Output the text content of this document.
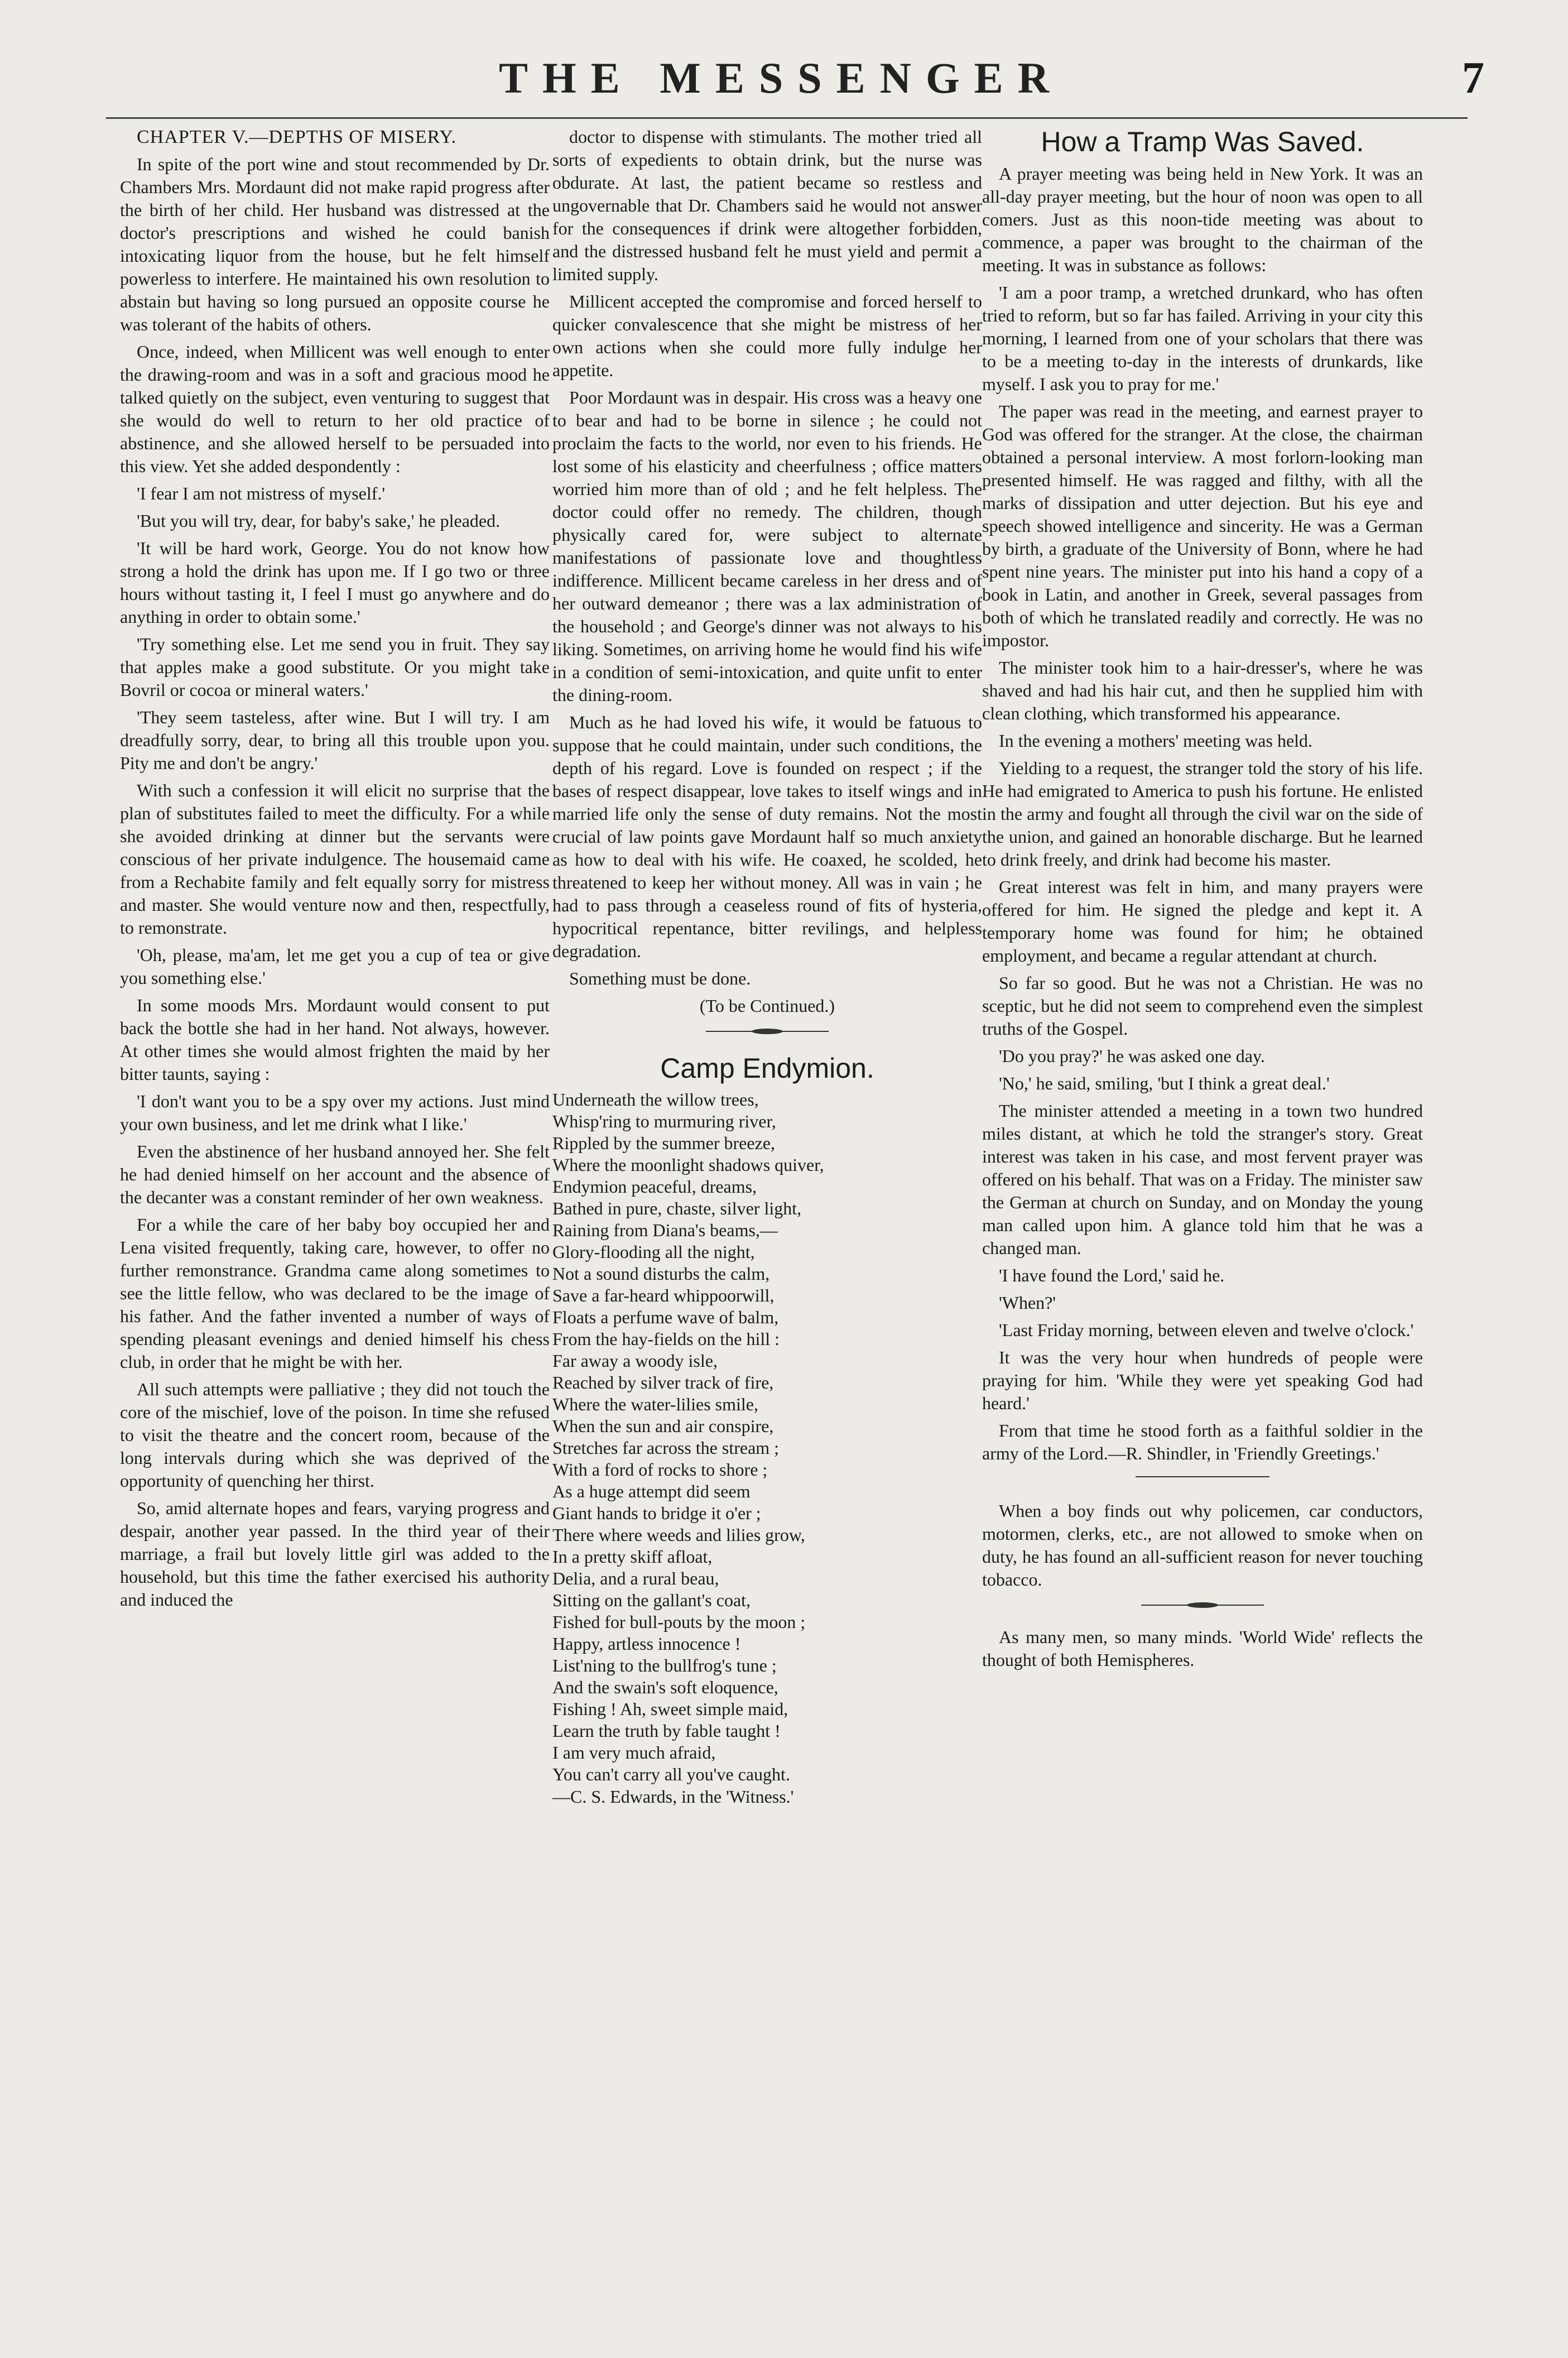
THE MESSENGER	7

CHAPTER V.—DEPTHS OF MISERY.

In spite of the port wine and stout recommended by Dr. Chambers Mrs. Mordaunt did not make rapid progress after the birth of her child. Her husband was distressed at the doctor's prescriptions and wished he could banish intoxicating liquor from the house, but he felt himself powerless to interfere. He maintained his own resolution to abstain but having so long pursued an opposite course he was tolerant of the habits of others.

Once, indeed, when Millicent was well enough to enter the drawing-room and was in a soft and gracious mood he talked quietly on the subject, even venturing to suggest that she would do well to return to her old practice of abstinence, and she allowed herself to be persuaded into this view. Yet she added despondently :

'I fear I am not mistress of myself.'

'But you will try, dear, for baby's sake,' he pleaded.

'It will be hard work, George. You do not know how strong a hold the drink has upon me. If I go two or three hours without tasting it, I feel I must go anywhere and do anything in order to obtain some.'

'Try something else. Let me send you in fruit. They say that apples make a good substitute. Or you might take Bovril or cocoa or mineral waters.'

'They seem tasteless, after wine. But I will try. I am dreadfully sorry, dear, to bring all this trouble upon you. Pity me and don't be angry.'

With such a confession it will elicit no surprise that the plan of substitutes failed to meet the difficulty. For a while she avoided drinking at dinner but the servants were conscious of her private indulgence. The housemaid came from a Rechabite family and felt equally sorry for mistress and master. She would venture now and then, respectfully, to remonstrate.

'Oh, please, ma'am, let me get you a cup of tea or give you something else.'

In some moods Mrs. Mordaunt would consent to put back the bottle she had in her hand. Not always, however. At other times she would almost frighten the maid by her bitter taunts, saying :

'I don't want you to be a spy over my actions. Just mind your own business, and let me drink what I like.'

Even the abstinence of her husband annoyed her. She felt he had denied himself on her account and the absence of the decanter was a constant reminder of her own weakness.

For a while the care of her baby boy occupied her and Lena visited frequently, taking care, however, to offer no further remonstrance. Grandma came along sometimes to see the little fellow, who was declared to be the image of his father. And the father invented a number of ways of spending pleasant evenings and denied himself his chess club, in order that he might be with her.

All such attempts were palliative ; they did not touch the core of the mischief, love of the poison. In time she refused to visit the theatre and the concert room, because of the long intervals during which she was deprived of the opportunity of quenching her thirst.

So, amid alternate hopes and fears, varying progress and despair, another year passed. In the third year of their marriage, a frail but lovely little girl was added to the household, but this time the father exercised his authority and induced the

doctor to dispense with stimulants. The mother tried all sorts of expedients to obtain drink, but the nurse was obdurate. At last, the patient became so restless and ungovernable that Dr. Chambers said he would not answer for the consequences if drink were altogether forbidden, and the distressed husband felt he must yield and permit a limited supply.

Millicent accepted the compromise and forced herself to quicker convalescence that she might be mistress of her own actions when she could more fully indulge her appetite.

Poor Mordaunt was in despair. His cross was a heavy one to bear and had to be borne in silence ; he could not proclaim the facts to the world, nor even to his friends. He lost some of his elasticity and cheerfulness ; office matters worried him more than of old ; and he felt helpless. The doctor could offer no remedy. The children, though physically cared for, were subject to alternate manifestations of passionate love and thoughtless indifference. Millicent became careless in her dress and of her outward demeanor ; there was a lax administration of the household ; and George's dinner was not always to his liking. Sometimes, on arriving home he would find his wife in a condition of semi-intoxication, and quite unfit to enter the dining-room.

Much as he had loved his wife, it would be fatuous to suppose that he could maintain, under such conditions, the depth of his regard. Love is founded on respect ; if the bases of respect disappear, love takes to itself wings and in married life only the sense of duty remains. Not the most crucial of law points gave Mordaunt half so much anxiety as how to deal with his wife. He coaxed, he scolded, he threatened to keep her without money. All was in vain ; he had to pass through a ceaseless round of fits of hysteria, hypocritical repentance, bitter revilings, and helpless degradation.

Something must be done.

(To be Continued.)

Camp Endymion.

Underneath the willow trees,

Whisp'ring to murmuring river,

Rippled by the summer breeze,

Where the moonlight shadows quiver,

Endymion peaceful, dreams,

Bathed in pure, chaste, silver light,

Raining from Diana's beams,—

Glory-flooding all the night,

Not a sound disturbs the calm,

Save a far-heard whippoorwill,

Floats a perfume wave of balm,

From the hay-fields on the hill :

Far away a woody isle,

Reached by silver track of fire,

Where the water-lilies smile,

When the sun and air conspire,

Stretches far across the stream ;

With a ford of rocks to shore ;

As a huge attempt did seem

Giant hands to bridge it o'er ;

There where weeds and lilies grow,

In a pretty skiff afloat,

Delia, and a rural beau,

Sitting on the gallant's coat,

Fished for bull-pouts by the moon ;

Happy, artless innocence !

List'ning to the bullfrog's tune ;

And the swain's soft eloquence,

Fishing ! Ah, sweet simple maid,

Learn the truth by fable taught !

I am very much afraid,

You can't carry all you've caught.

—C. S. Edwards, in the 'Witness.'

How a Tramp Was Saved.

A prayer meeting was being held in New York. It was an all-day prayer meeting, but the hour of noon was open to all comers. Just as this noon-tide meeting was about to commence, a paper was brought to the chairman of the meeting. It was in substance as follows:

'I am a poor tramp, a wretched drunkard, who has often tried to reform, but so far has failed. Arriving in your city this morning, I learned from one of your scholars that there was to be a meeting to-day in the interests of drunkards, like myself. I ask you to pray for me.'

The paper was read in the meeting, and earnest prayer to God was offered for the stranger. At the close, the chairman obtained a personal interview. A most forlorn-looking man presented himself. He was ragged and filthy, with all the marks of dissipation and utter dejection. But his eye and speech showed intelligence and sincerity. He was a German by birth, a graduate of the University of Bonn, where he had spent nine years. The minister put into his hand a copy of a book in Latin, and another in Greek, several passages from both of which he translated readily and correctly. He was no impostor.

The minister took him to a hair-dresser's, where he was shaved and had his hair cut, and then he supplied him with clean clothing, which transformed his appearance.

In the evening a mothers' meeting was held.

Yielding to a request, the stranger told the story of his life. He had emigrated to America to push his fortune. He enlisted in the army and fought all through the civil war on the side of the union, and gained an honorable discharge. But he learned to drink freely, and drink had become his master.

Great interest was felt in him, and many prayers were offered for him. He signed the pledge and kept it. A temporary home was found for him; he obtained employment, and became a regular attendant at church.

So far so good. But he was not a Christian. He was no sceptic, but he did not seem to comprehend even the simplest truths of the Gospel.

'Do you pray?' he was asked one day.

'No,' he said, smiling, 'but I think a great deal.'

The minister attended a meeting in a town two hundred miles distant, at which he told the stranger's story. Great interest was taken in his case, and most fervent prayer was offered on his behalf. That was on a Friday. The minister saw the German at church on Sunday, and on Monday the young man called upon him. A glance told him that he was a changed man.

'I have found the Lord,' said he.

'When?'

'Last Friday morning, between eleven and twelve o'clock.'

It was the very hour when hundreds of people were praying for him. 'While they were yet speaking God had heard.'

From that time he stood forth as a faithful soldier in the army of the Lord.—R. Shindler, in 'Friendly Greetings.'

When a boy finds out why policemen, car conductors, motormen, clerks, etc., are not allowed to smoke when on duty, he has found an all-sufficient reason for never touching tobacco.

As many men, so many minds. 'World Wide' reflects the thought of both Hemispheres.
